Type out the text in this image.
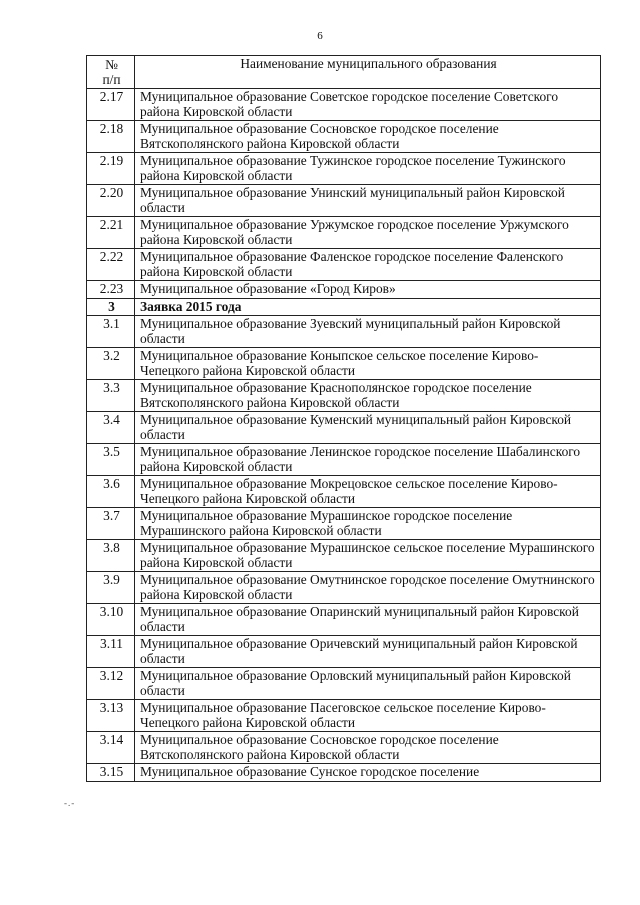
6
№
п/п	Наименование муниципального образования
2.17	Муниципальное образование Советское городское поселение Советского района Кировской области
2.18	Муниципальное образование Сосновское городское поселение Вятскополянского района Кировской области
2.19	Муниципальное образование Тужинское городское поселение Тужинского района Кировской области
2.20	Муниципальное образование Унинский муниципальный район Кировской области
2.21	Муниципальное образование Уржумское городское поселение Уржумского района Кировской области
2.22	Муниципальное образование Фаленское городское поселение Фаленского района Кировской области
2.23	Муниципальное образование «Город Киров»
3	Заявка 2015 года
3.1	Муниципальное образование Зуевский муниципальный район Кировской области
3.2	Муниципальное образование Коныпское сельское поселение Кирово-Чепецкого района Кировской области
3.3	Муниципальное образование Краснополянское городское поселение Вятскополянского района Кировской области
3.4	Муниципальное образование Куменский муниципальный район Кировской области
3.5	Муниципальное образование Ленинское городское поселение Шабалинского района Кировской области
3.6	Муниципальное образование Мокрецовское сельское поселение Кирово-Чепецкого района Кировской области
3.7	Муниципальное образование Мурашинское городское поселение Мурашинского района Кировской области
3.8	Муниципальное образование Мурашинское сельское поселение Мурашинского района Кировской области
3.9	Муниципальное образование Омутнинское городское поселение Омутнинского района Кировской области
3.10	Муниципальное образование Опаринский муниципальный район Кировской области
3.11	Муниципальное образование Оричевский муниципальный район Кировской области
3.12	Муниципальное образование Орловский муниципальный район Кировской области
3.13	Муниципальное образование Пасеговское сельское поселение Кирово-Чепецкого района Кировской области
3.14	Муниципальное образование Сосновское городское поселение Вятскополянского района Кировской области
3.15	Муниципальное образование Сунское городское поселение
-.-
